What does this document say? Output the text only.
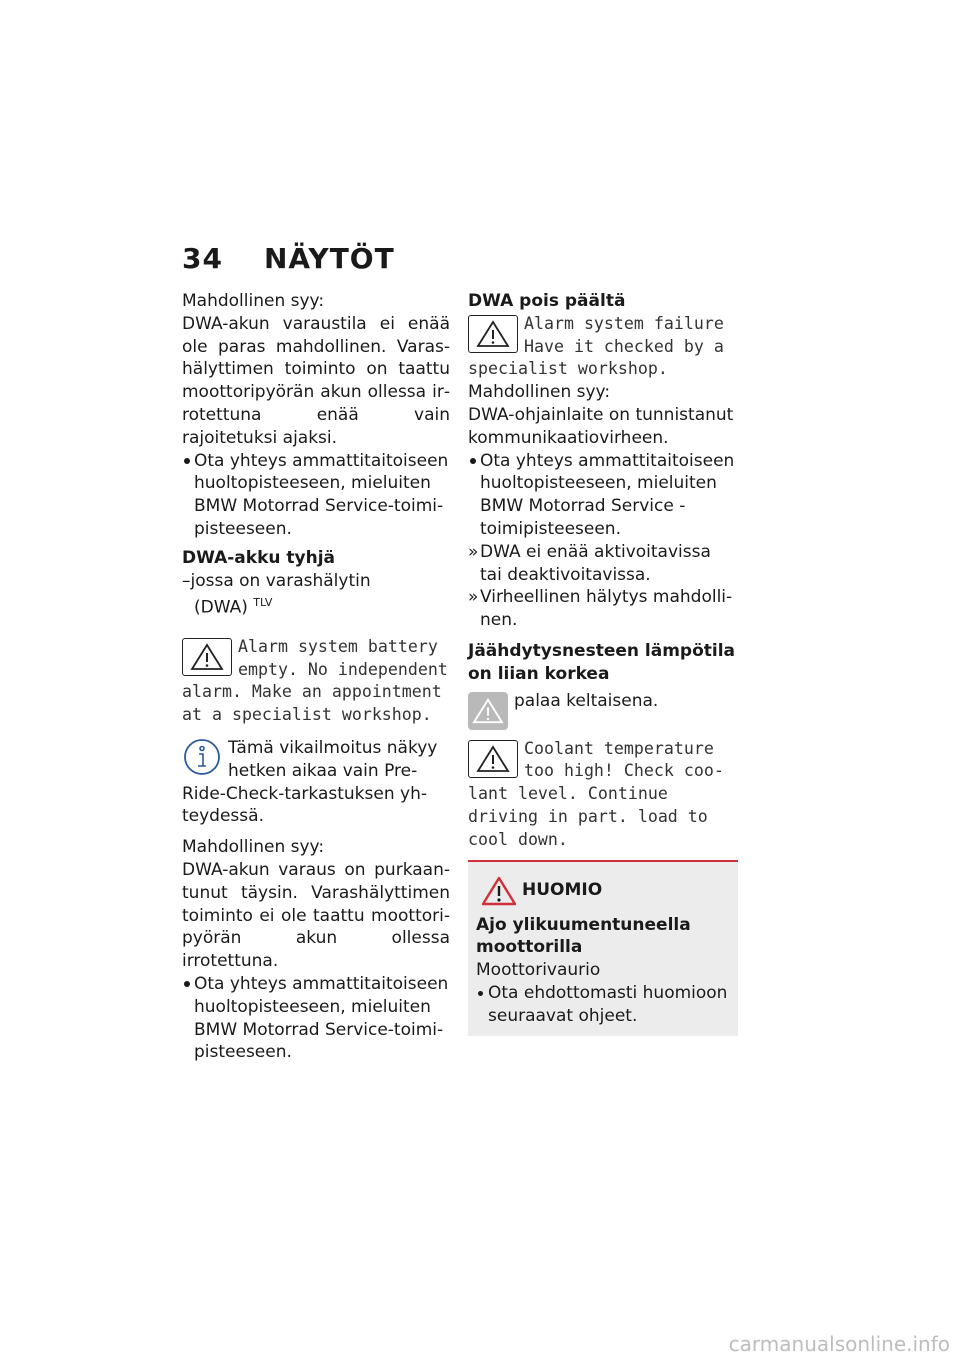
34 NÄYTÖT

Mahdollinen syy:

DWA-akun varaustila ei enää ole paras mahdollinen. Varashälyttimen toiminto on taattu moottoripyörän akun ollessa irrotettuna enää vain rajoitetuksi ajaksi.

Ota yhteys ammattitaitoiseen huoltopisteeseen, mieluiten BMW Motorrad Service-toimipisteeseen.

DWA-akku tyhjä

–jossa on varashälytin

(DWA) $^{TLV}$

Alarm system battery empty. No independent alarm. Make an appointment at a specialist workshop.

Tämä vikailmoitus näkyy hetken aikaa vain Pre-Ride-Check-tarkastuksen yhteydessä.

Mahdollinen syy:

DWA-akun varaus on purkaantunut täysin. Varashälyttimen toiminto ei ole taattu moottoripyörän akun ollessa irrotettuna.

Ota yhteys ammattitaitoiseen huoltopisteeseen, mieluiten BMW Motorrad Service-toimipisteeseen.

DWA pois päältä

Alarm system failure Have it checked by a specialist workshop.

Mahdollinen syy:

DWA-ohjainlaite on tunnistanut kommunikaatiovirheen.

Ota yhteys ammattitaitoiseen huoltopisteeseen, mieluiten BMW Motorrad Service -toimipisteeseen.

» DWA ei enää aktivoitavissa tai deaktivoitavissa.

» Virheellinen hälytys mahdollinen.

Jäähdytysnesteen lämpötila on liian korkea

palaa keltaisena.

Coolant temperature too high! Check coolant level. Continue driving in part. load to cool down.

HUOMIO

Ajo ylikuumentuneella moottorilla

Moottorivaurio

Ota ehdottomasti huomioon seuraavat ohjeet.

carmanualsonline.info
